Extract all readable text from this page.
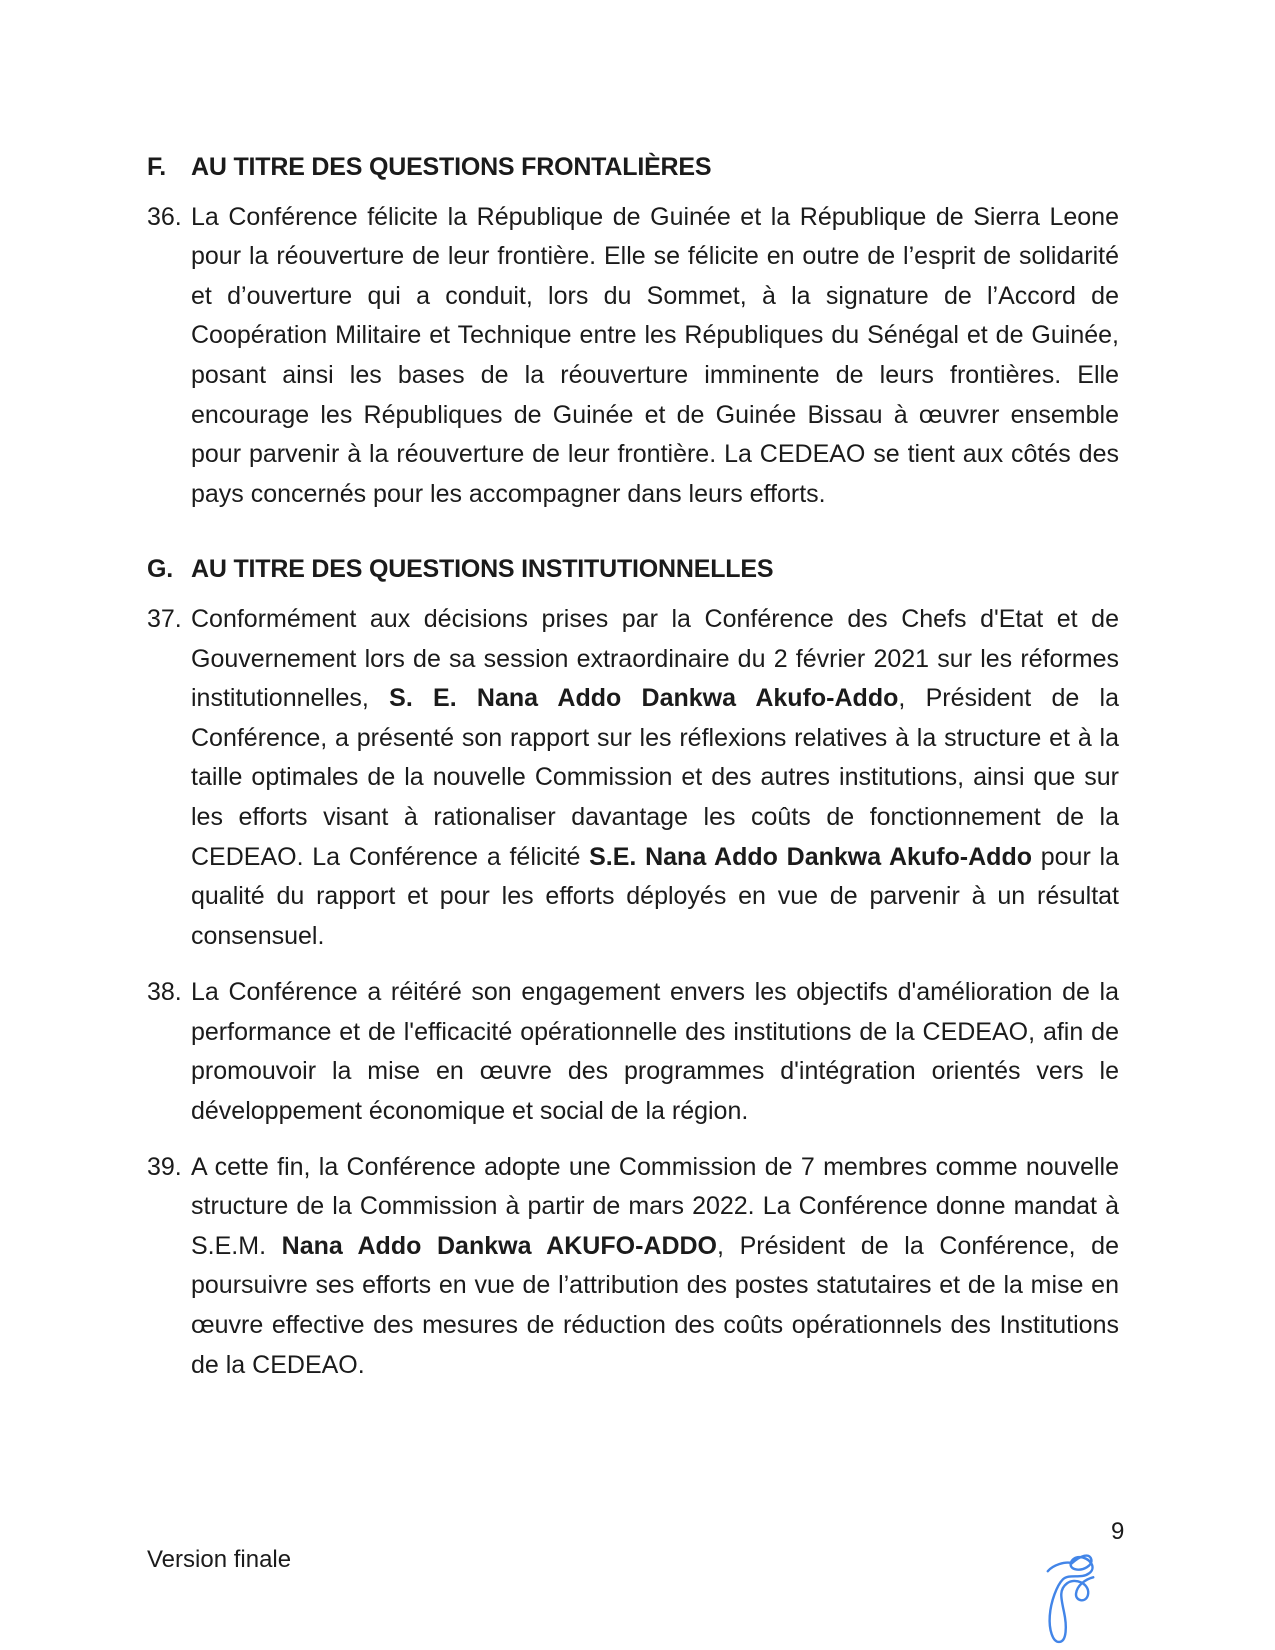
F. AU TITRE DES QUESTIONS FRONTALIÈRES
36. La Conférence félicite la République de Guinée et la République de Sierra Leone pour la réouverture de leur frontière. Elle se félicite en outre de l’esprit de solidarité et d’ouverture qui a conduit, lors du Sommet, à la signature de l’Accord de Coopération Militaire et Technique entre les Républiques du Sénégal et de Guinée, posant ainsi les bases de la réouverture imminente de leurs frontières. Elle encourage les Républiques de Guinée et de Guinée Bissau à œuvrer ensemble pour parvenir à la réouverture de leur frontière. La CEDEAO se tient aux côtés des pays concernés pour les accompagner dans leurs efforts.

G. AU TITRE DES QUESTIONS INSTITUTIONNELLES
37. Conformément aux décisions prises par la Conférence des Chefs d'Etat et de Gouvernement lors de sa session extraordinaire du 2 février 2021 sur les réformes institutionnelles, S. E. Nana Addo Dankwa Akufo-Addo, Président de la Conférence, a présenté son rapport sur les réflexions relatives à la structure et à la taille optimales de la nouvelle Commission et des autres institutions, ainsi que sur les efforts visant à rationaliser davantage les coûts de fonctionnement de la CEDEAO. La Conférence a félicité S.E. Nana Addo Dankwa Akufo-Addo pour la qualité du rapport et pour les efforts déployés en vue de parvenir à un résultat consensuel.

38. La Conférence a réitéré son engagement envers les objectifs d'amélioration de la performance et de l'efficacité opérationnelle des institutions de la CEDEAO, afin de promouvoir la mise en œuvre des programmes d'intégration orientés vers le développement économique et social de la région.

39. A cette fin, la Conférence adopte une Commission de 7 membres comme nouvelle structure de la Commission à partir de mars 2022. La Conférence donne mandat à S.E.M. Nana Addo Dankwa AKUFO-ADDO, Président de la Conférence, de poursuivre ses efforts en vue de l’attribution des postes statutaires et de la mise en œuvre effective des mesures de réduction des coûts opérationnels des Institutions de la CEDEAO.

Version finale
9
